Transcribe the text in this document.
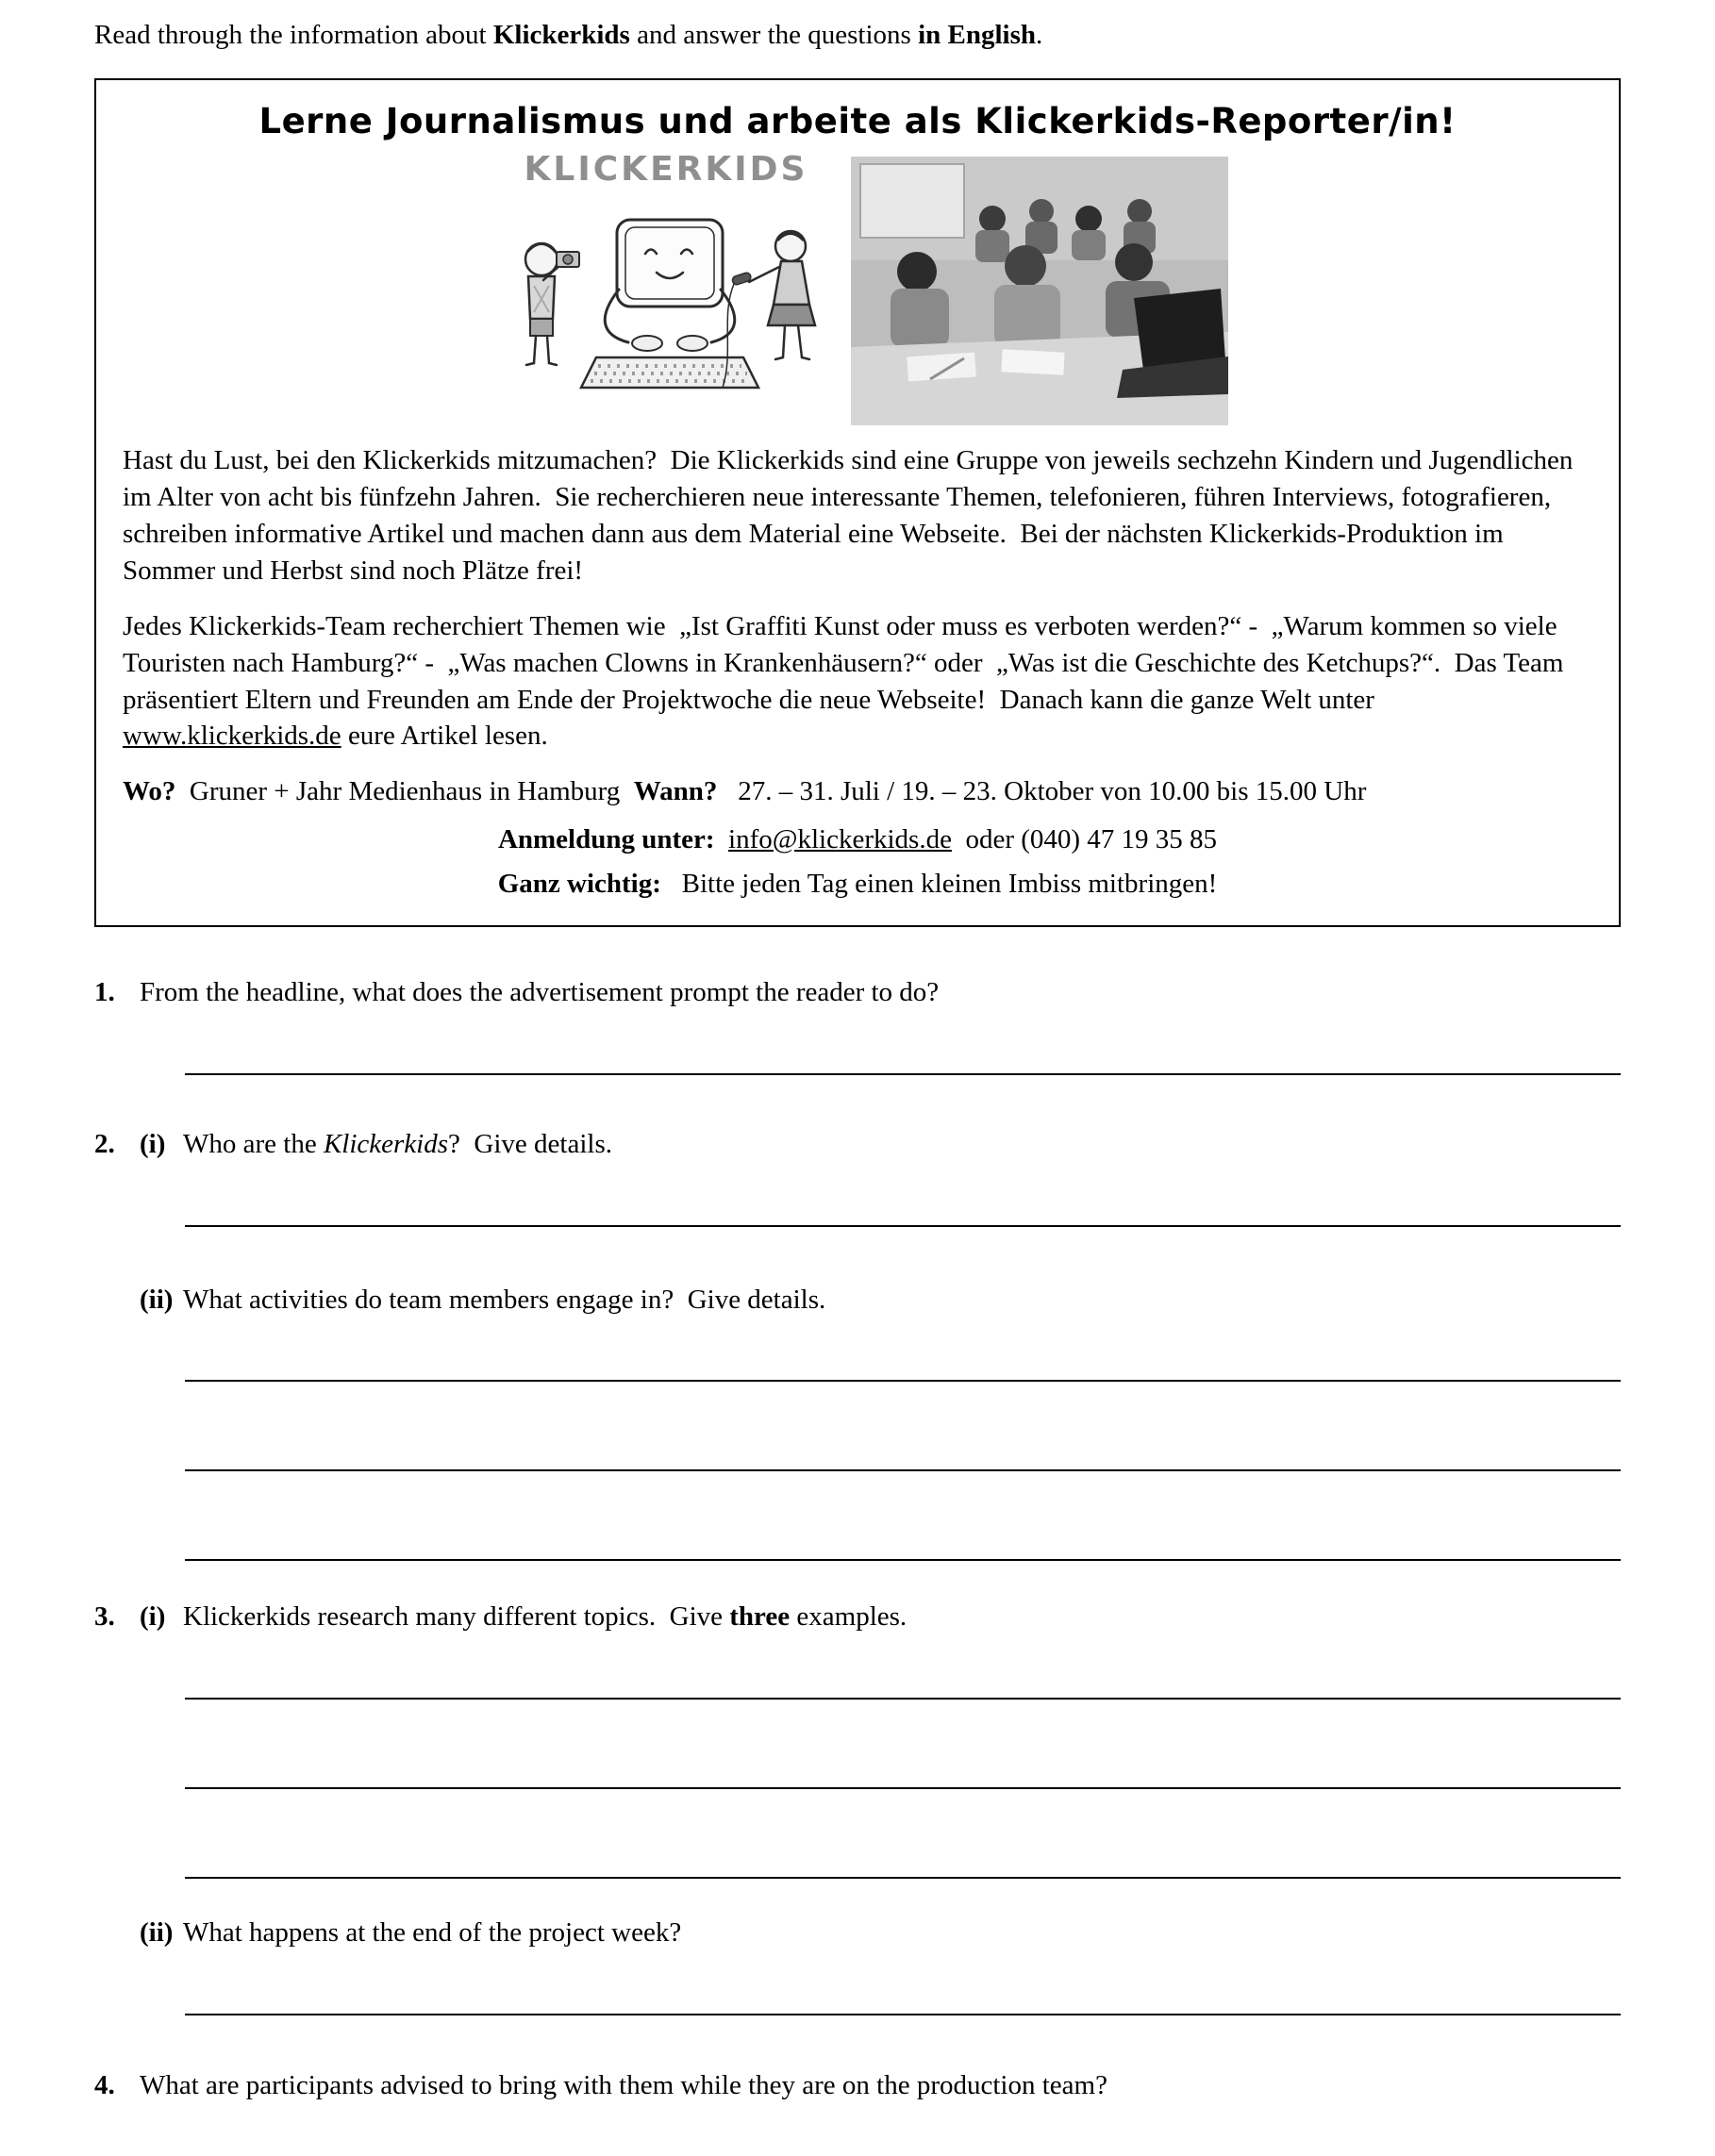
Read through the information about Klickerkids and answer the questions in English.

Lerne Journalismus und arbeite als Klickerkids-Reporter/in!
KLICKERKIDS

Hast du Lust, bei den Klickerkids mitzumachen?  Die Klickerkids sind eine Gruppe von jeweils sechzehn Kindern und Jugendlichen im Alter von acht bis fünfzehn Jahren.  Sie recherchieren neue interessante Themen, telefonieren, führen Interviews, fotografieren, schreiben informative Artikel und machen dann aus dem Material eine Webseite.  Bei der nächsten Klickerkids-Produktion im Sommer und Herbst sind noch Plätze frei!

Jedes Klickerkids-Team recherchiert Themen wie  „Ist Graffiti Kunst oder muss es verboten werden?“ -  „Warum kommen so viele Touristen nach Hamburg?“ -  „Was machen Clowns in Krankenhäusern?“ oder  „Was ist die Geschichte des Ketchups?“.  Das Team präsentiert Eltern und Freunden am Ende der Projektwoche die neue Webseite!  Danach kann die ganze Welt unter www.klickerkids.de eure Artikel lesen.

Wo?  Gruner + Jahr Medienhaus in Hamburg  Wann?   27. – 31. Juli / 19. – 23. Oktober von 10.00 bis 15.00 Uhr

Anmeldung unter: info@klickerkids.de  oder (040) 47 19 35 85

Ganz wichtig:   Bitte jeden Tag einen kleinen Imbiss mitbringen!

1. From the headline, what does the advertisement prompt the reader to do?
2. (i) Who are the Klickerkids?  Give details.
(ii) What activities do team members engage in?  Give details.
3. (i) Klickerkids research many different topics.  Give three examples.
(ii) What happens at the end of the project week?
4. What are participants advised to bring with them while they are on the production team?
